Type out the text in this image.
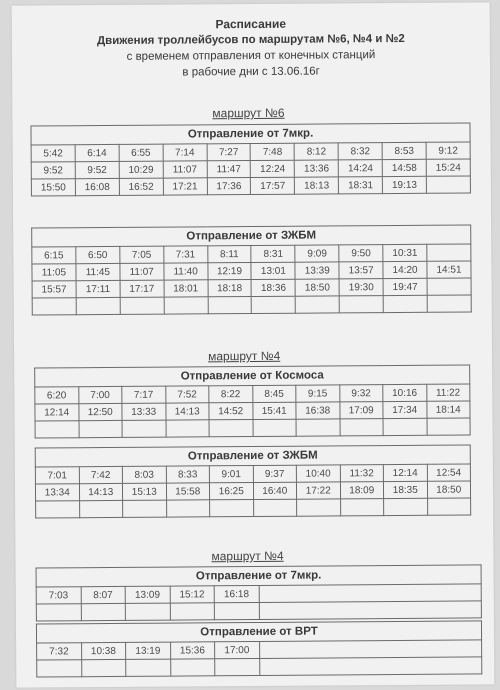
Расписание
Движения троллейбусов по маршрутам №6, №4 и №2
с временем отправления от конечных станций
в рабочие дни с 13.06.16г
маршрут №6
Отправление от 7мкр.									
5:42	6:14	6:55	7:14	7:27	7:48	8:12	8:32	8:53	9:12
9:52	9:52	10:29	11:07	11:47	12:24	13:36	14:24	14:58	15:24
15:50	16:08	16:52	17:21	17:36	17:57	18:13	18:31	19:13	
Отправление от ЗЖБМ									
6:15	6:50	7:05	7:31	8:11	8:31	9:09	9:50	10:31	
11:05	11:45	11:07	11:40	12:19	13:01	13:39	13:57	14:20	14:51
15:57	17:11	17:17	18:01	18:18	18:36	18:50	19:30	19:47	

маршрут №4
Отправление от Космоса									
6:20	7:00	7:17	7:52	8:22	8:45	9:15	9:32	10:16	11:22
12:14	12:50	13:33	14:13	14:52	15:41	16:38	17:09	17:34	18:14

Отправление от ЗЖБМ									
7:01	7:42	8:03	8:33	9:01	9:37	10:40	11:32	12:14	12:54
13:34	14:13	15:13	15:58	16:25	16:40	17:22	18:09	18:35	18:50

маршрут №4
Отправление от 7мкр.					
7:03	8:07	13:09	15:12	16:18	

Отправление от ВРТ					
7:32	10:38	13:19	15:36	17:00	
